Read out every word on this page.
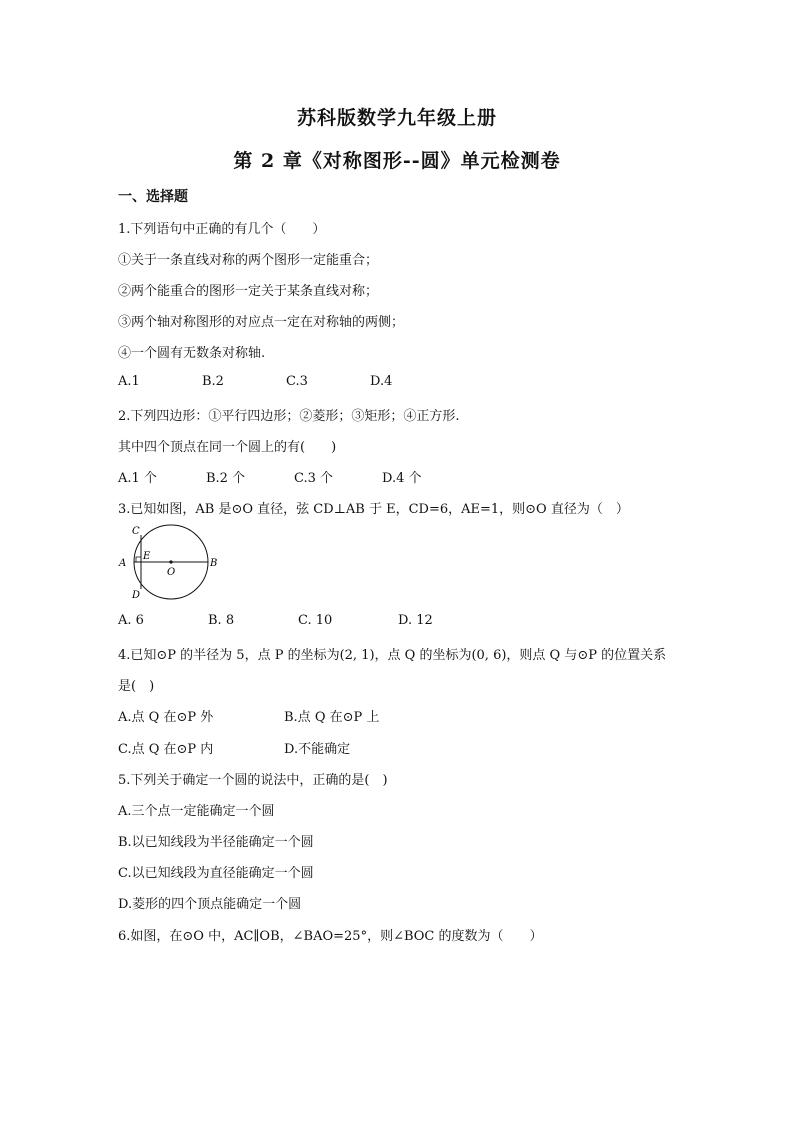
苏科版数学九年级上册
第 2 章《对称图形--圆》单元检测卷
一、选择题
1.下列语句中正确的有几个（　　）
①关于一条直线对称的两个图形一定能重合；
②两个能重合的图形一定关于某条直线对称；
③两个轴对称图形的对应点一定在对称轴的两侧；
④一个圆有无数条对称轴.
A.1	B.2	C.3	D.4
2.下列四边形：①平行四边形；②菱形；③矩形；④正方形.
其中四个顶点在同一个圆上的有(　　)
A.1 个	B.2 个	C.3 个	D.4 个
3.已知如图，AB 是⊙O 直径，弦 CD⊥AB 于 E，CD=6，AE=1，则⊙O 直径为（　）
C
E
A
O
B
D
A. 6	B. 8	C. 10	D. 12
4.已知⊙P 的半径为 5，点 P 的坐标为(2, 1)，点 Q 的坐标为(0, 6)，则点 Q 与⊙P 的位置关系
是(　)
A.点 Q 在⊙P 外	B.点 Q 在⊙P 上
C.点 Q 在⊙P 内	D.不能确定
5.下列关于确定一个圆的说法中，正确的是(　)
A.三个点一定能确定一个圆
B.以已知线段为半径能确定一个圆
C.以已知线段为直径能确定一个圆
D.菱形的四个顶点能确定一个圆
6.如图，在⊙O 中，AC∥OB，∠BAO=25°，则∠BOC 的度数为（　　）
